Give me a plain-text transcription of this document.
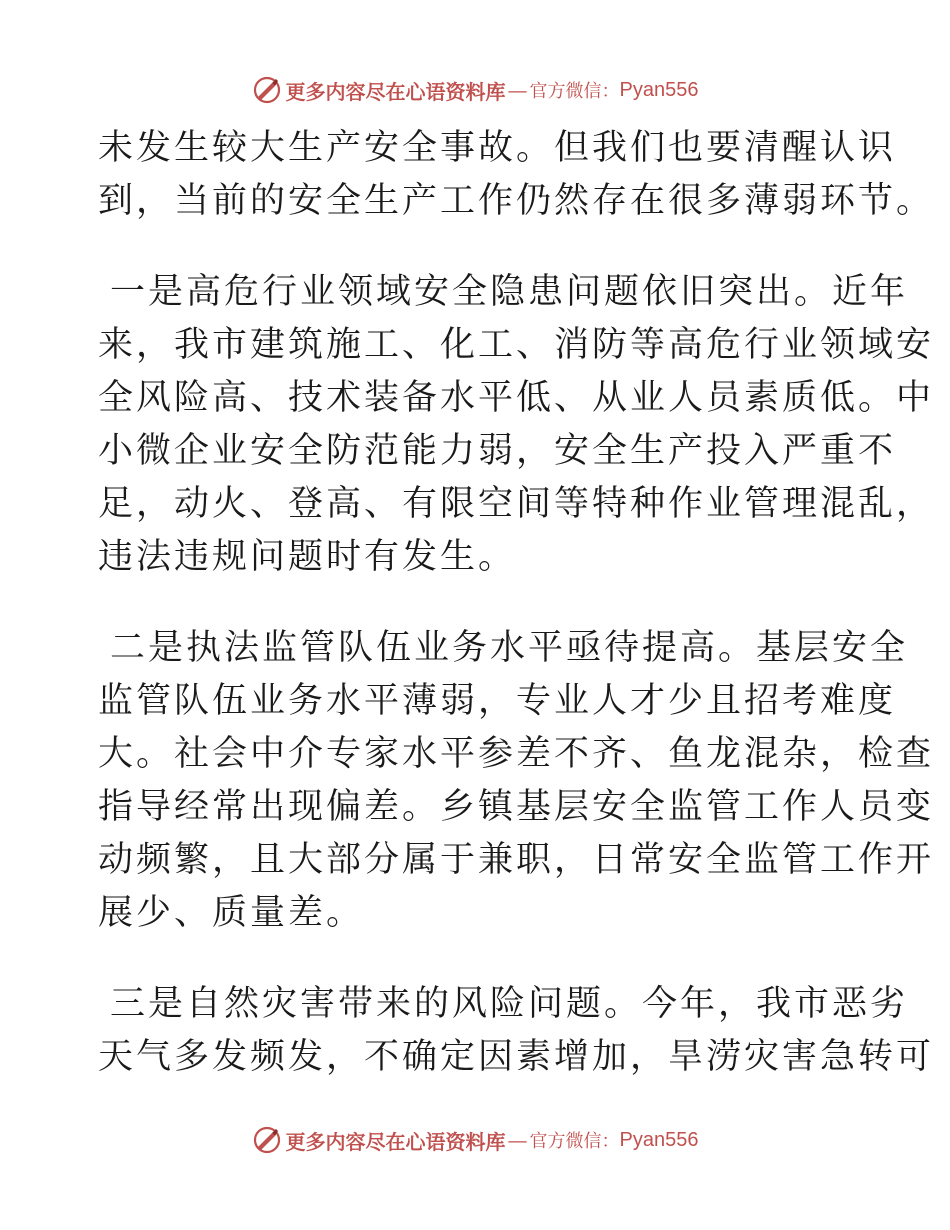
更多内容尽在心语资料库 — 官方微信： Pyan556

未发生较大生产安全事故。但我们也要清醒认识
到，当前的安全生产工作仍然存在很多薄弱环节。

一是高危行业领域安全隐患问题依旧突出。近年
来，我市建筑施工、化工、消防等高危行业领域安
全风险高、技术装备水平低、从业人员素质低。中
小微企业安全防范能力弱，安全生产投入严重不
足，动火、登高、有限空间等特种作业管理混乱，
违法违规问题时有发生。

二是执法监管队伍业务水平亟待提高。基层安全
监管队伍业务水平薄弱，专业人才少且招考难度
大。社会中介专家水平参差不齐、鱼龙混杂，检查
指导经常出现偏差。乡镇基层安全监管工作人员变
动频繁，且大部分属于兼职，日常安全监管工作开
展少、质量差。

三是自然灾害带来的风险问题。今年，我市恶劣
天气多发频发，不确定因素增加，旱涝灾害急转可

更多内容尽在心语资料库 — 官方微信： Pyan556
